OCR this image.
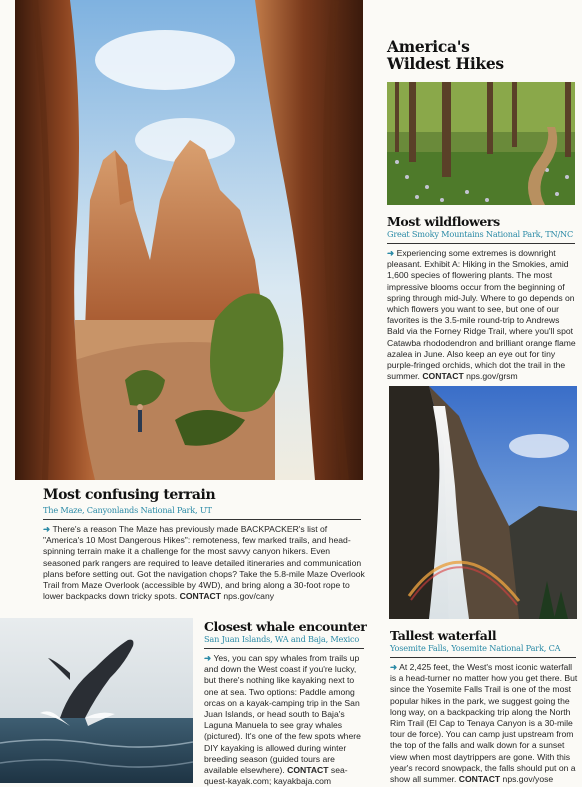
America's
Wildest Hikes
Most wildflowers
Great Smoky Mountains National Park, TN/NC
➜ Experiencing some extremes is downright pleasant. Exhibit A: Hiking in the Smokies, amid 1,600 species of flowering plants. The most impressive blooms occur from the beginning of spring through mid-July. Where to go depends on which flowers you want to see, but one of our favorites is the 3.5-mile round-trip to Andrews Bald via the Forney Ridge Trail, where you'll spot Catawba rhododendron and brilliant orange flame azalea in June. Also keep an eye out for tiny purple-fringed orchids, which dot the trail in the summer. CONTACT nps.gov/grsm
Most confusing terrain
The Maze, Canyonlands National Park, UT
➜ There's a reason The Maze has previously made BACKPACKER's list of "America's 10 Most Dangerous Hikes": remoteness, few marked trails, and head-spinning terrain make it a challenge for the most savvy canyon hikers. Even seasoned park rangers are required to leave detailed itineraries and communication plans before setting out. Got the navigation chops? Take the 5.8-mile Maze Overlook Trail from Maze Overlook (accessible by 4WD), and bring along a 30-foot rope to lower backpacks down tricky spots. CONTACT nps.gov/cany
Closest whale encounter
San Juan Islands, WA and Baja, Mexico
➜ Yes, you can spy whales from trails up and down the West coast if you're lucky, but there's nothing like kayaking next to one at sea. Two options: Paddle among orcas on a kayak-camping trip in the San Juan Islands, or head south to Baja's Laguna Manuela to see gray whales (pictured). It's one of the few spots where DIY kayaking is allowed during winter breeding season (guided tours are available elsewhere). CONTACT sea-quest-kayak.com; kayakbaja.com
Tallest waterfall
Yosemite Falls, Yosemite National Park, CA
➜ At 2,425 feet, the West's most iconic waterfall is a head-turner no matter how you get there. But since the Yosemite Falls Trail is one of the most popular hikes in the park, we suggest going the long way, on a backpacking trip along the North Rim Trail (El Cap to Tenaya Canyon is a 30-mile tour de force). You can camp just upstream from the top of the falls and walk down for a sunset view when most daytrippers are gone. With this year's record snowpack, the falls should put on a show all summer. CONTACT nps.gov/yose
